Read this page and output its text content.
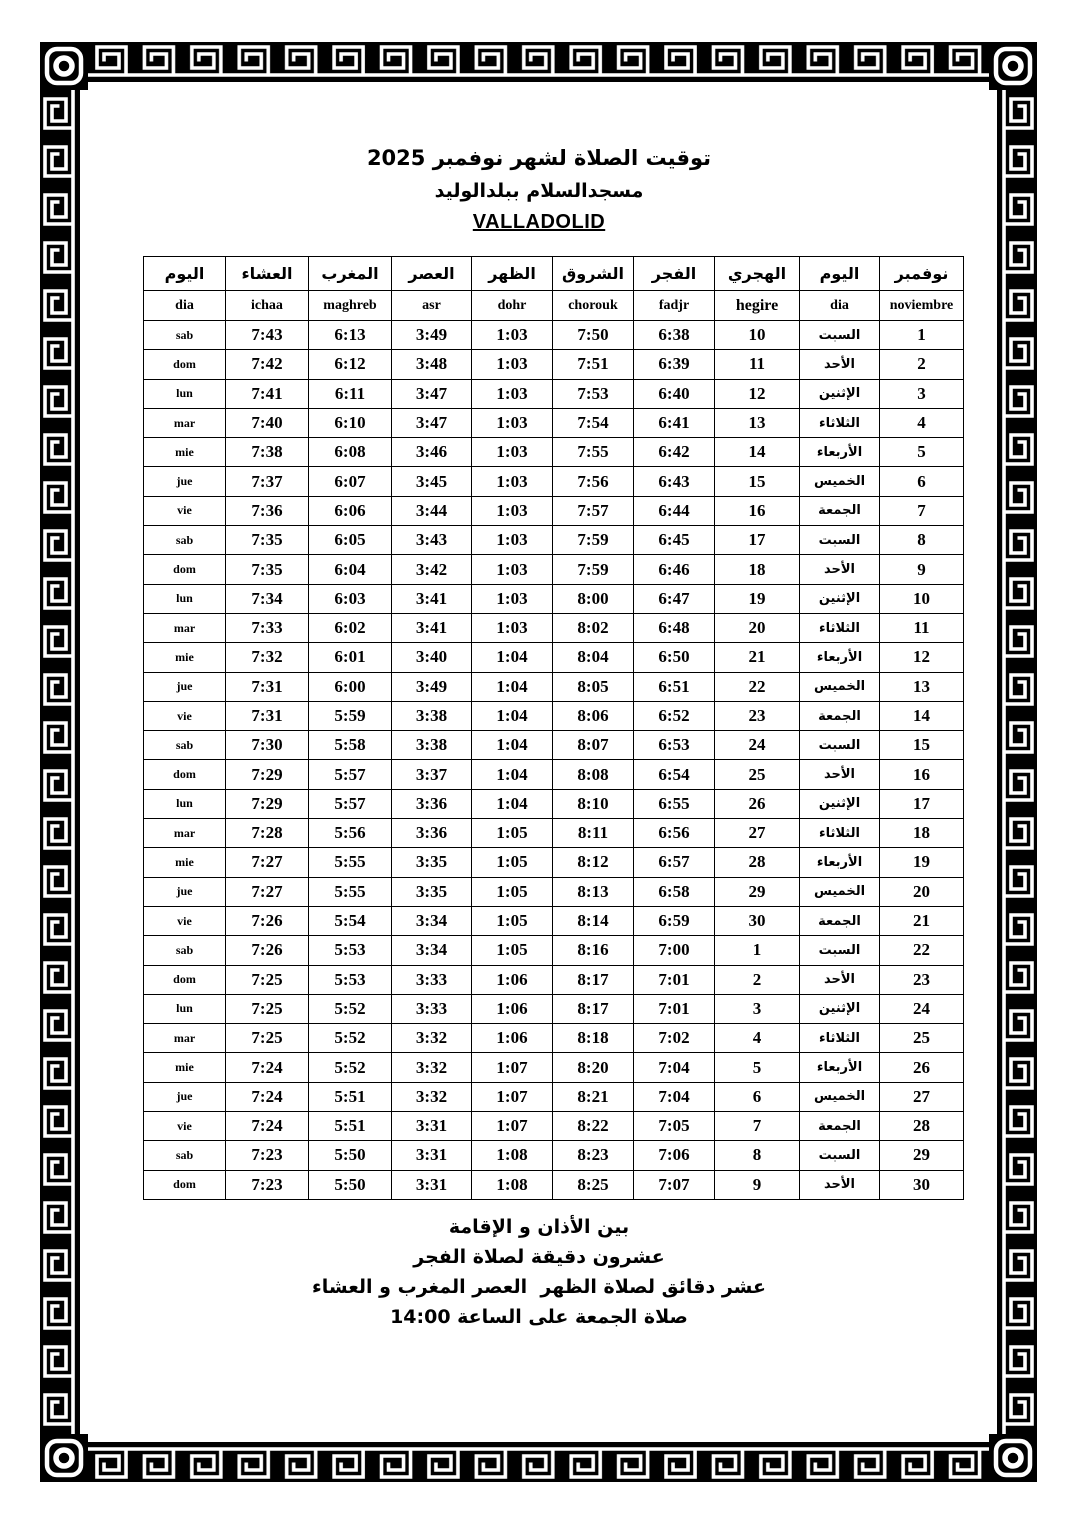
توقيت الصلاة لشهر نوفمبر 2025
مسجدالسلام ببلدالوليد
VALLADOLID
اليوم	العشاء	المغرب	العصر	الظهر	الشروق	الفجر	الهجري	اليوم	نوفمبر
dia	ichaa	maghreb	asr	dohr	chorouk	fadjr	hegire	dia	noviembre
sab	7:43	6:13	3:49	1:03	7:50	6:38	10	السبت	1
dom	7:42	6:12	3:48	1:03	7:51	6:39	11	الأحد	2
lun	7:41	6:11	3:47	1:03	7:53	6:40	12	الإثنين	3
mar	7:40	6:10	3:47	1:03	7:54	6:41	13	الثلاثاء	4
mie	7:38	6:08	3:46	1:03	7:55	6:42	14	الأربعاء	5
jue	7:37	6:07	3:45	1:03	7:56	6:43	15	الخميس	6
vie	7:36	6:06	3:44	1:03	7:57	6:44	16	الجمعة	7
sab	7:35	6:05	3:43	1:03	7:59	6:45	17	السبت	8
dom	7:35	6:04	3:42	1:03	7:59	6:46	18	الأحد	9
lun	7:34	6:03	3:41	1:03	8:00	6:47	19	الإثنين	10
mar	7:33	6:02	3:41	1:03	8:02	6:48	20	الثلاثاء	11
mie	7:32	6:01	3:40	1:04	8:04	6:50	21	الأربعاء	12
jue	7:31	6:00	3:49	1:04	8:05	6:51	22	الخميس	13
vie	7:31	5:59	3:38	1:04	8:06	6:52	23	الجمعة	14
sab	7:30	5:58	3:38	1:04	8:07	6:53	24	السبت	15
dom	7:29	5:57	3:37	1:04	8:08	6:54	25	الأحد	16
lun	7:29	5:57	3:36	1:04	8:10	6:55	26	الإثنين	17
mar	7:28	5:56	3:36	1:05	8:11	6:56	27	الثلاثاء	18
mie	7:27	5:55	3:35	1:05	8:12	6:57	28	الأربعاء	19
jue	7:27	5:55	3:35	1:05	8:13	6:58	29	الخميس	20
vie	7:26	5:54	3:34	1:05	8:14	6:59	30	الجمعة	21
sab	7:26	5:53	3:34	1:05	8:16	7:00	1	السبت	22
dom	7:25	5:53	3:33	1:06	8:17	7:01	2	الأحد	23
lun	7:25	5:52	3:33	1:06	8:17	7:01	3	الإثنين	24
mar	7:25	5:52	3:32	1:06	8:18	7:02	4	الثلاثاء	25
mie	7:24	5:52	3:32	1:07	8:20	7:04	5	الأربعاء	26
jue	7:24	5:51	3:32	1:07	8:21	7:04	6	الخميس	27
vie	7:24	5:51	3:31	1:07	8:22	7:05	7	الجمعة	28
sab	7:23	5:50	3:31	1:08	8:23	7:06	8	السبت	29
dom	7:23	5:50	3:31	1:08	8:25	7:07	9	الأحد	30
بين الأذان و الإقامة
عشرون دقيقة لصلاة الفجر
عشر دقائق لصلاة الظهر  العصر المغرب و العشاء
صلاة الجمعة على الساعة 14:00
